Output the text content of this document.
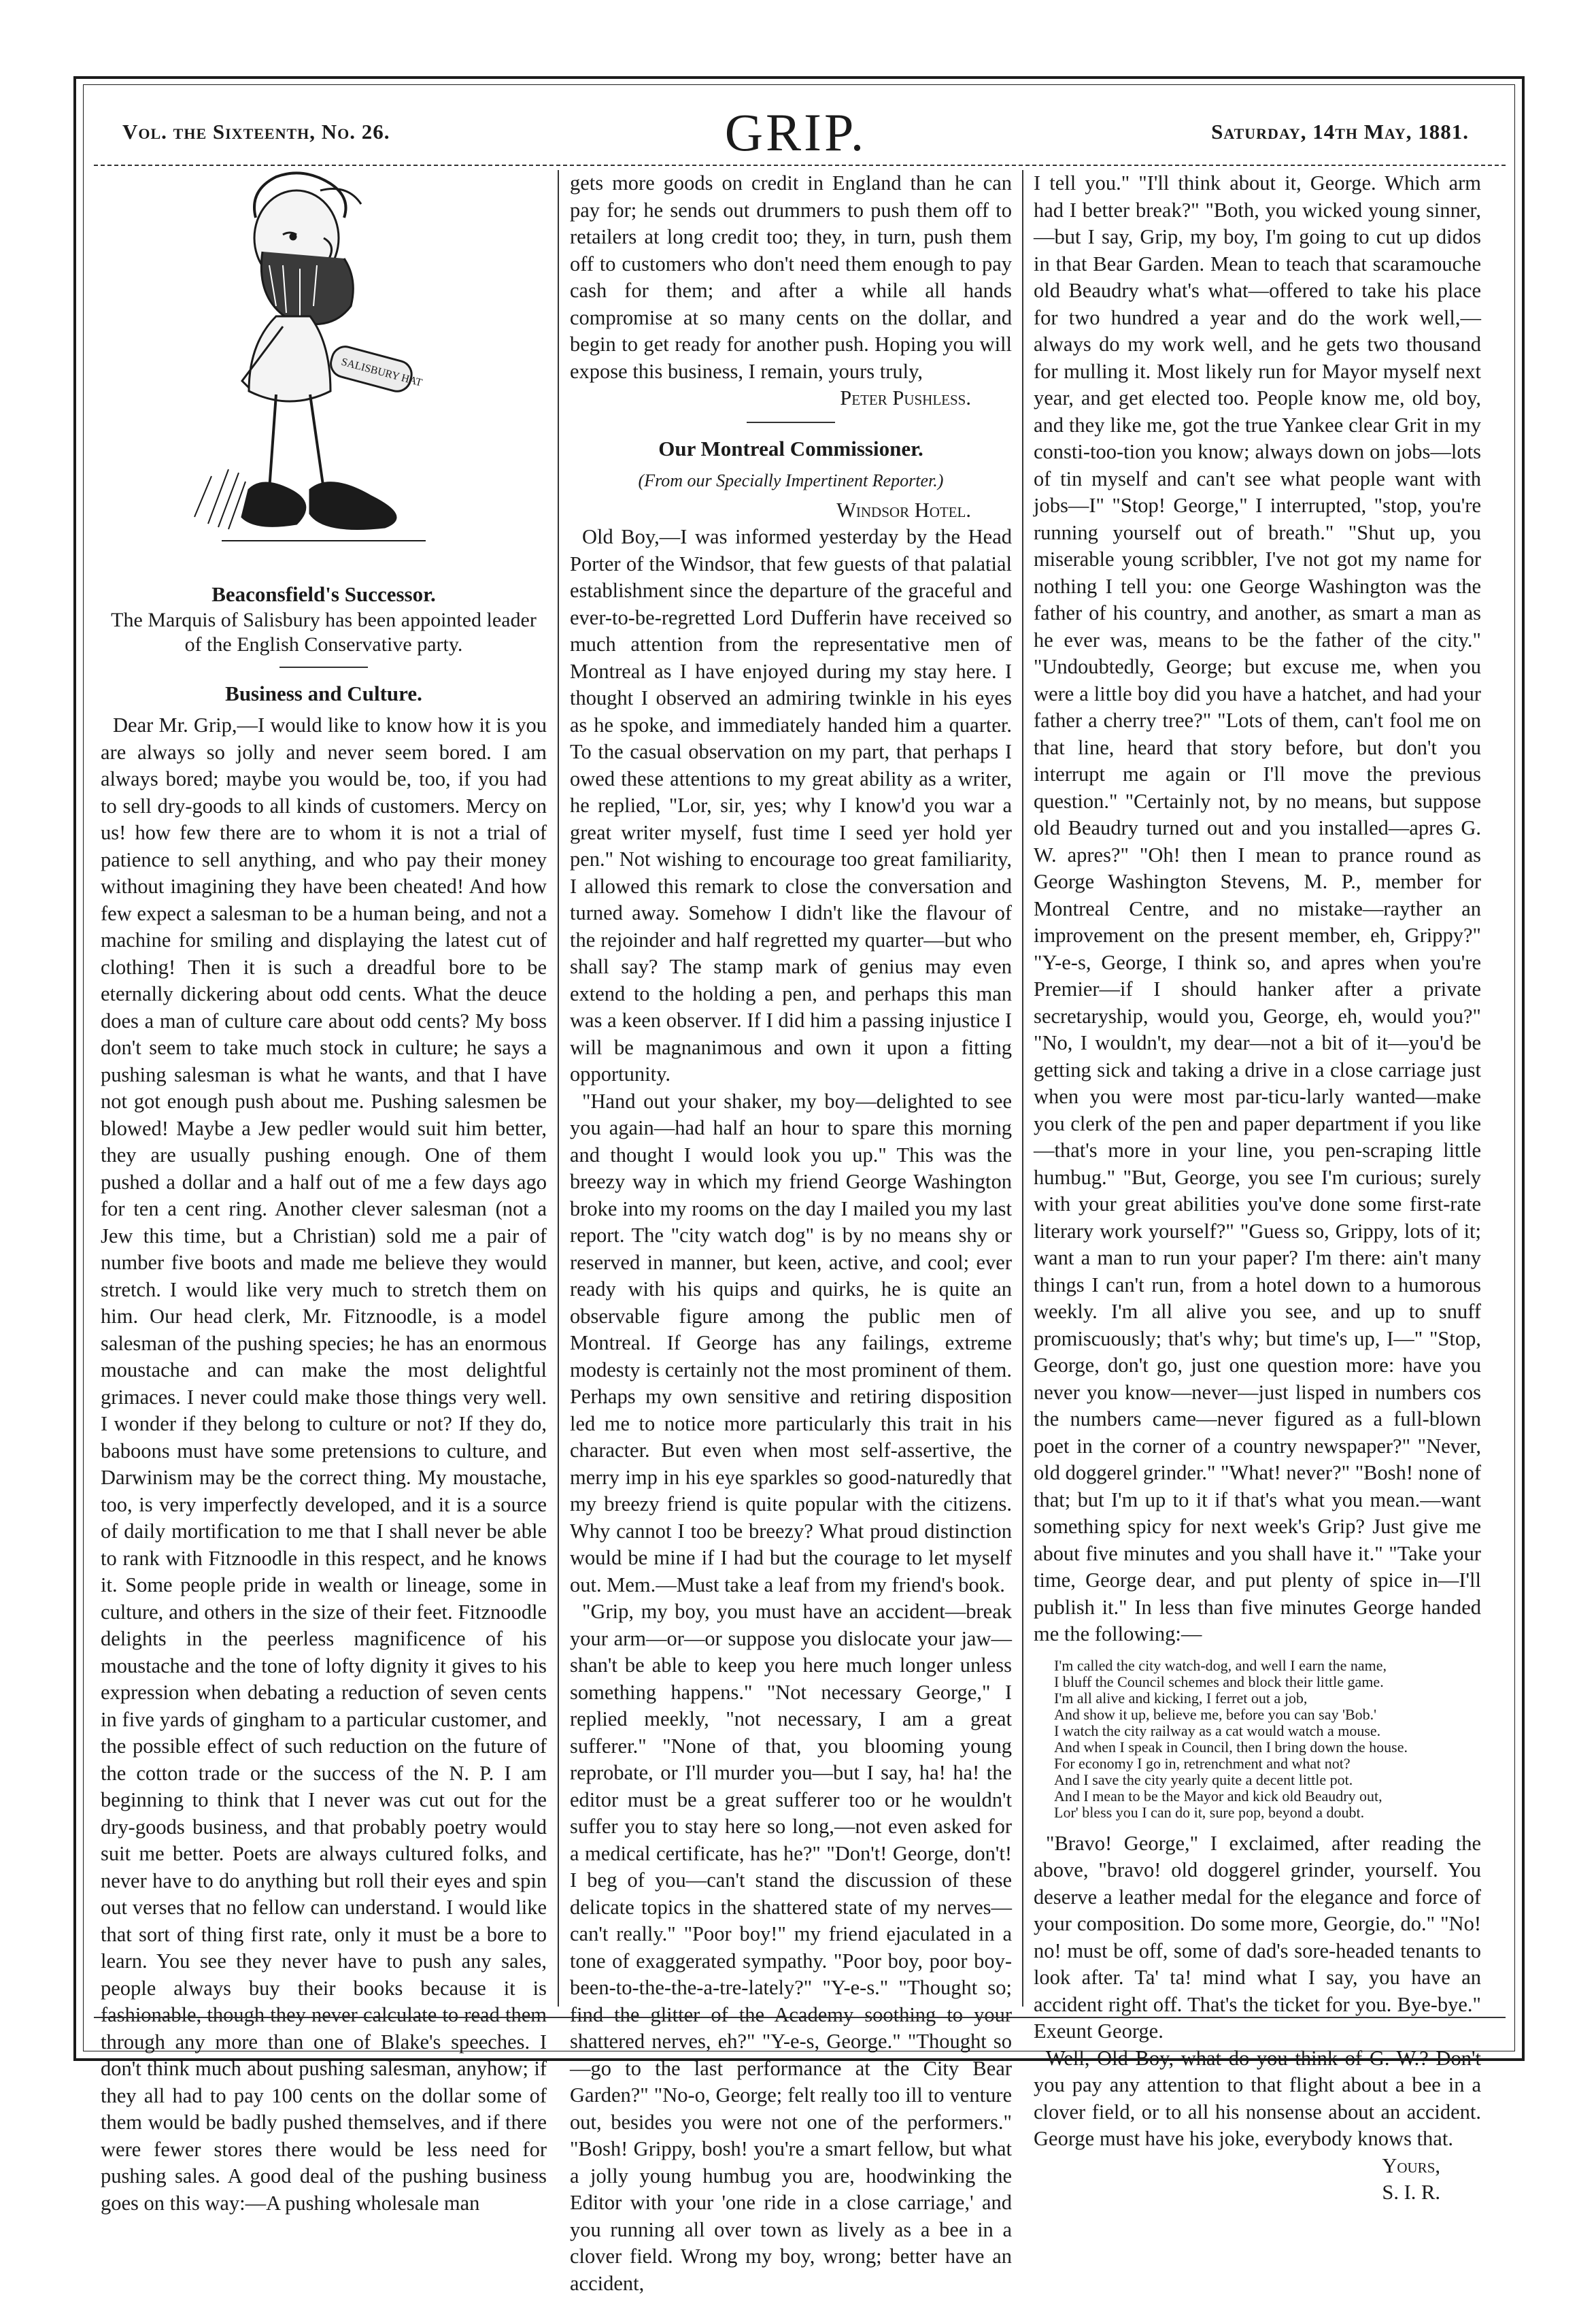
Vol. the Sixteenth, No. 26.	GRIP.	Saturday, 14th May, 1881.
SALISBURY HAT
Beaconsfield's Successor.
The Marquis of Salisbury has been appointed leader of the English Conservative party.
Business and Culture.

Dear Mr. Grip,—I would like to know how it is you are always so jolly and never seem bored. I am always bored; maybe you would be, too, if you had to sell dry-goods to all kinds of customers. Mercy on us! how few there are to whom it is not a trial of patience to sell anything, and who pay their money without imagining they have been cheated! And how few expect a salesman to be a human being, and not a machine for smiling and displaying the latest cut of clothing! Then it is such a dreadful bore to be eternally dickering about odd cents. What the deuce does a man of culture care about odd cents? My boss don't seem to take much stock in culture; he says a pushing salesman is what he wants, and that I have not got enough push about me. Pushing salesmen be blowed! Maybe a Jew pedler would suit him better, they are usually pushing enough. One of them pushed a dollar and a half out of me a few days ago for ten a cent ring. Another clever salesman (not a Jew this time, but a Christian) sold me a pair of number five boots and made me believe they would stretch. I would like very much to stretch them on him. Our head clerk, Mr. Fitznoodle, is a model salesman of the pushing species; he has an enormous moustache and can make the most delightful grimaces. I never could make those things very well. I wonder if they belong to culture or not? If they do, baboons must have some pretensions to culture, and Darwinism may be the correct thing. My moustache, too, is very imperfectly developed, and it is a source of daily mortification to me that I shall never be able to rank with Fitznoodle in this respect, and he knows it. Some people pride in wealth or lineage, some in culture, and others in the size of their feet. Fitznoodle delights in the peerless magnificence of his moustache and the tone of lofty dignity it gives to his expression when debating a reduction of seven cents in five yards of gingham to a particular customer, and the possible effect of such reduction on the future of the cotton trade or the success of the N. P. I am beginning to think that I never was cut out for the dry-goods business, and that probably poetry would suit me better. Poets are always cultured folks, and never have to do anything but roll their eyes and spin out verses that no fellow can understand. I would like that sort of thing first rate, only it must be a bore to learn. You see they never have to push any sales, people always buy their books because it is fashionable, though they never calculate to read them through any more than one of Blake's speeches. I don't think much about pushing salesman, anyhow; if they all had to pay 100 cents on the dollar some of them would be badly pushed themselves, and if there were fewer stores there would be less need for pushing sales. A good deal of the pushing business goes on this way:—A pushing wholesale man

gets more goods on credit in England than he can pay for; he sends out drummers to push them off to retailers at long credit too; they, in turn, push them off to customers who don't need them enough to pay cash for them; and after a while all hands compromise at so many cents on the dollar, and begin to get ready for another push. Hoping you will expose this business, I remain, yours truly,

Peter Pushless.
Our Montreal Commissioner.
(From our Specially Impertinent Reporter.)
Windsor Hotel.

Old Boy,—I was informed yesterday by the Head Porter of the Windsor, that few guests of that palatial establishment since the departure of the graceful and ever-to-be-regretted Lord Dufferin have received so much attention from the representative men of Montreal as I have enjoyed during my stay here. I thought I observed an admiring twinkle in his eyes as he spoke, and immediately handed him a quarter. To the casual observation on my part, that perhaps I owed these attentions to my great ability as a writer, he replied, "Lor, sir, yes; why I know'd you war a great writer myself, fust time I seed yer hold yer pen." Not wishing to encourage too great familiarity, I allowed this remark to close the conversation and turned away. Somehow I didn't like the flavour of the rejoinder and half regretted my quarter—but who shall say? The stamp mark of genius may even extend to the holding a pen, and perhaps this man was a keen observer. If I did him a passing injustice I will be magnanimous and own it upon a fitting opportunity.

"Hand out your shaker, my boy—delighted to see you again—had half an hour to spare this morning and thought I would look you up." This was the breezy way in which my friend George Washington broke into my rooms on the day I mailed you my last report. The "city watch dog" is by no means shy or reserved in manner, but keen, active, and cool; ever ready with his quips and quirks, he is quite an observable figure among the public men of Montreal. If George has any failings, extreme modesty is certainly not the most prominent of them. Perhaps my own sensitive and retiring disposition led me to notice more particularly this trait in his character. But even when most self-assertive, the merry imp in his eye sparkles so good-naturedly that my breezy friend is quite popular with the citizens. Why cannot I too be breezy? What proud distinction would be mine if I had but the courage to let myself out. Mem.—Must take a leaf from my friend's book.

"Grip, my boy, you must have an accident—break your arm—or—or suppose you dislocate your jaw—shan't be able to keep you here much longer unless something happens." "Not necessary George," I replied meekly, "not necessary, I am a great sufferer." "None of that, you blooming young reprobate, or I'll murder you—but I say, ha! ha! the editor must be a great sufferer too or he wouldn't suffer you to stay here so long,—not even asked for a medical certificate, has he?" "Don't! George, don't! I beg of you—can't stand the discussion of these delicate topics in the shattered state of my nerves—can't really." "Poor boy!" my friend ejaculated in a tone of exaggerated sympathy. "Poor boy, poor boy-been-to-the-the-a-tre-lately?" "Y-e-s." "Thought so; find the glitter of the Academy soothing to your shattered nerves, eh?" "Y-e-s, George." "Thought so—go to the last performance at the City Bear Garden?" "No-o, George; felt really too ill to venture out, besides you were not one of the performers." "Bosh! Grippy, bosh! you're a smart fellow, but what a jolly young humbug you are, hoodwinking the Editor with your 'one ride in a close carriage,' and you running all over town as lively as a bee in a clover field. Wrong my boy, wrong; better have an accident,

I tell you." "I'll think about it, George. Which arm had I better break?" "Both, you wicked young sinner,—but I say, Grip, my boy, I'm going to cut up didos in that Bear Garden. Mean to teach that scaramouche old Beaudry what's what—offered to take his place for two hundred a year and do the work well,—always do my work well, and he gets two thousand for mulling it. Most likely run for Mayor myself next year, and get elected too. People know me, old boy, and they like me, got the true Yankee clear Grit in my consti-too-tion you know; always down on jobs—lots of tin myself and can't see what people want with jobs—I" "Stop! George," I interrupted, "stop, you're running yourself out of breath." "Shut up, you miserable young scribbler, I've not got my name for nothing I tell you: one George Washington was the father of his country, and another, as smart a man as he ever was, means to be the father of the city." "Undoubtedly, George; but excuse me, when you were a little boy did you have a hatchet, and had your father a cherry tree?" "Lots of them, can't fool me on that line, heard that story before, but don't you interrupt me again or I'll move the previous question." "Certainly not, by no means, but suppose old Beaudry turned out and you installed—apres G. W. apres?" "Oh! then I mean to prance round as George Washington Stevens, M. P., member for Montreal Centre, and no mistake—rayther an improvement on the present member, eh, Grippy?" "Y-e-s, George, I think so, and apres when you're Premier—if I should hanker after a private secretaryship, would you, George, eh, would you?" "No, I wouldn't, my dear—not a bit of it—you'd be getting sick and taking a drive in a close carriage just when you were most par-ticu-larly wanted—make you clerk of the pen and paper department if you like—that's more in your line, you pen-scraping little humbug." "But, George, you see I'm curious; surely with your great abilities you've done some first-rate literary work yourself?" "Guess so, Grippy, lots of it; want a man to run your paper? I'm there: ain't many things I can't run, from a hotel down to a humorous weekly. I'm all alive you see, and up to snuff promiscuously; that's why; but time's up, I—" "Stop, George, don't go, just one question more: have you never you know—never—just lisped in numbers cos the numbers came—never figured as a full-blown poet in the corner of a country newspaper?" "Never, old doggerel grinder." "What! never?" "Bosh! none of that; but I'm up to it if that's what you mean.—want something spicy for next week's Grip? Just give me about five minutes and you shall have it." "Take your time, George dear, and put plenty of spice in—I'll publish it." In less than five minutes George handed me the following:—

I'm called the city watch-dog, and well I earn the name,
I bluff the Council schemes and block their little game.
I'm all alive and kicking, I ferret out a job,
And show it up, believe me, before you can say 'Bob.'
I watch the city railway as a cat would watch a mouse.
And when I speak in Council, then I bring down the house.
For economy I go in, retrenchment and what not?
And I save the city yearly quite a decent little pot.
And I mean to be the Mayor and kick old Beaudry out,
Lor' bless you I can do it, sure pop, beyond a doubt.

"Bravo! George," I exclaimed, after reading the above, "bravo! old doggerel grinder, yourself. You deserve a leather medal for the elegance and force of your composition. Do some more, Georgie, do." "No! no! must be off, some of dad's sore-headed tenants to look after. Ta' ta! mind what I say, you have an accident right off. That's the ticket for you. Bye-bye." Exeunt George.

Well, Old Boy, what do you think of G. W.? Don't you pay any attention to that flight about a bee in a clover field, or to all his nonsense about an accident. George must have his joke, everybody knows that.

Yours,
S. I. R.
